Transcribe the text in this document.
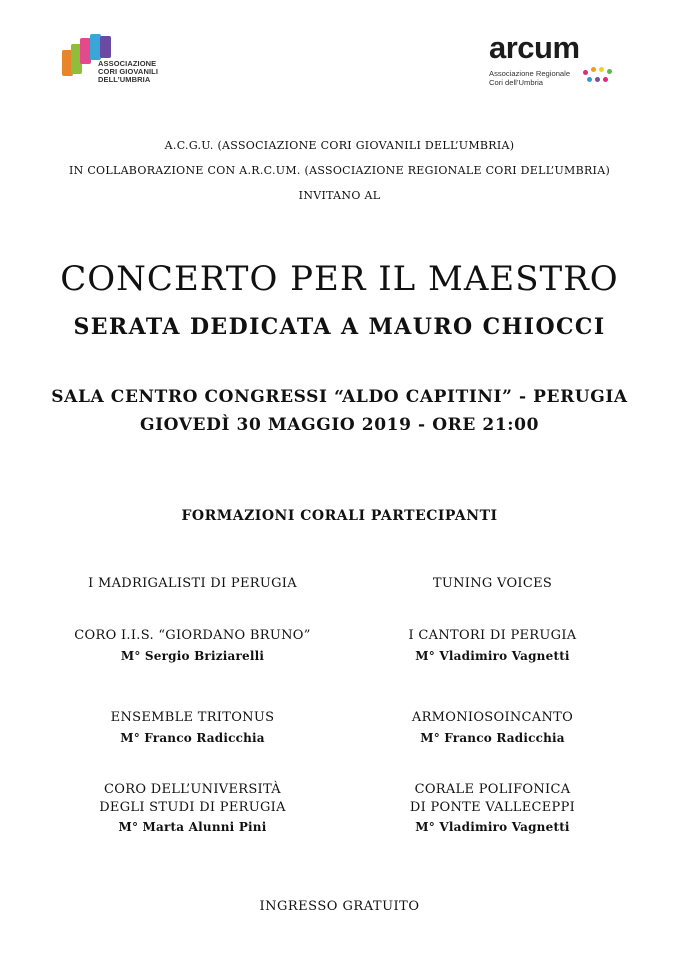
ASSOCIAZIONE
CORI GIOVANILI
DELL’UMBRIA
arcum
Associazione Regionale
Cori dell’Umbria
A.C.G.U. (ASSOCIAZIONE CORI GIOVANILI DELL’UMBRIA)
IN COLLABORAZIONE CON A.R.C.UM. (ASSOCIAZIONE REGIONALE CORI DELL’UMBRIA)
INVITANO AL
CONCERTO PER IL MAESTRO
SERATA DEDICATA A MAURO CHIOCCI
SALA CENTRO CONGRESSI “ALDO CAPITINI” - PERUGIA
GIOVEDÌ 30 MAGGIO 2019 - ORE 21:00
FORMAZIONI CORALI PARTECIPANTI
I MADRIGALISTI DI PERUGIA
CORO I.I.S. “GIORDANO BRUNO”
M° Sergio Briziarelli
ENSEMBLE TRITONUS
M° Franco Radicchia
CORO DELL’UNIVERSITÀ
DEGLI STUDI DI PERUGIA
M° Marta Alunni Pini
TUNING VOICES
I CANTORI DI PERUGIA
M° Vladimiro Vagnetti
ARMONIOSOINCANTO
M° Franco Radicchia
CORALE POLIFONICA
DI PONTE VALLECEPPI
M° Vladimiro Vagnetti
INGRESSO GRATUITO
